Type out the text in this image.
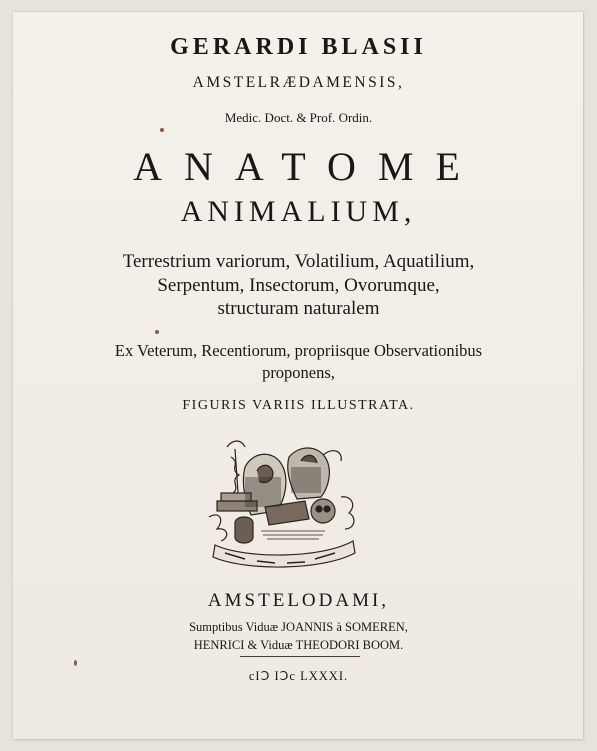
GERARDI BLASII
AMSTELRÆDAMENSIS,
Medic. Doct. & Prof. Ordin.
ANATOME
ANIMALIUM,
Terrestrium variorum, Volatilium, Aquatilium,
Serpentum, Insectorum, Ovorumque,
structuram naturalem
Ex Veterum, Recentiorum, propriisque Observationibus
proponens,
FIGURIS VARIIS ILLUSTRATA.
AMSTELODAMI,
Sumptibus Viduæ JOANNIS à SOMEREN,
HENRICI & Viduæ THEODORI BOOM.
cIↃ IↃc LXXXI.
